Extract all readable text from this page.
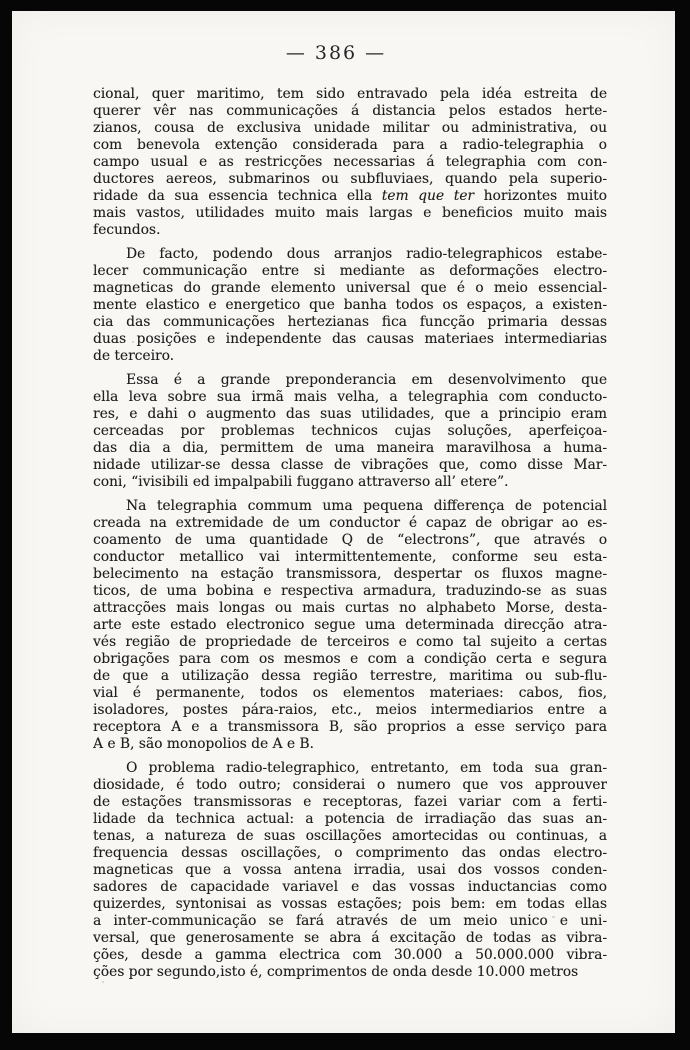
— 386 —
cional, quer maritimo, tem sido entravado pela idéa estreita de
querer vêr nas communicações á distancia pelos estados herte-
zianos, cousa de exclusiva unidade militar ou administrativa, ou
com benevola extenção considerada para a radio-telegraphia o
campo usual e as restricções necessarias á telegraphia com con-
ductores aereos, submarinos ou subfluviaes, quando pela superio-
ridade da sua essencia technica ella tem que ter horizontes muito
mais vastos, utilidades muito mais largas e beneficios muito mais
fecundos.
De facto, podendo dous arranjos radio-telegraphicos estabe-
lecer communicação entre si mediante as deformações electro-
magneticas do grande elemento universal que é o meio essencial-
mente elastico e energetico que banha todos os espaços, a existen-
cia das communicações hertezianas fica funcção primaria dessas
duas posições e independente das causas materiaes intermediarias
de terceiro.
Essa é a grande preponderancia em desenvolvimento que
ella leva sobre sua irmã mais velha, a telegraphia com conducto-
res, e dahi o augmento das suas utilidades, que a principio eram
cerceadas por problemas technicos cujas soluções, aperfeiçoa-
das dia a dia, permittem de uma maneira maravilhosa a huma-
nidade utilizar-se dessa classe de vibrações que, como disse Mar-
coni, “ivisibili ed impalpabili fuggano attraverso all’ etere”.
Na telegraphia commum uma pequena differença de potencial
creada na extremidade de um conductor é capaz de obrigar ao es-
coamento de uma quantidade Q de “electrons”, que através o
conductor metallico vai intermittentemente, conforme seu esta-
belecimento na estação transmissora, despertar os fluxos magne-
ticos, de uma bobina e respectiva armadura, traduzindo-se as suas
attracções mais longas ou mais curtas no alphabeto Morse, desta-
arte este estado electronico segue uma determinada direcção atra-
vés região de propriedade de terceiros e como tal sujeito a certas
obrigações para com os mesmos e com a condição certa e segura
de que a utilização dessa região terrestre, maritima ou sub-flu-
vial é permanente, todos os elementos materiaes: cabos, fios,
isoladores, postes pára-raios, etc., meios intermediarios entre a
receptora A e a transmissora B, são proprios a esse serviço para
A e B, são monopolios de A e B.
O problema radio-telegraphico, entretanto, em toda sua gran-
diosidade, é todo outro; considerai o numero que vos approuver
de estações transmissoras e receptoras, fazei variar com a ferti-
lidade da technica actual: a potencia de irradiação das suas an-
tenas, a natureza de suas oscillações amortecidas ou continuas, a
frequencia dessas oscillações, o comprimento das ondas electro-
magneticas que a vossa antena irradia, usai dos vossos conden-
sadores de capacidade variavel e das vossas inductancias como
quizerdes, syntonisai as vossas estações; pois bem: em todas ellas
a inter-communicação se fará através de um meio unico e uni-
versal, que generosamente se abra á excitação de todas as vibra-
ções, desde a gamma electrica com 30.000 a 50.000.000 vibra-
ções por segundo,isto é, comprimentos de onda desde 10.000 metros
